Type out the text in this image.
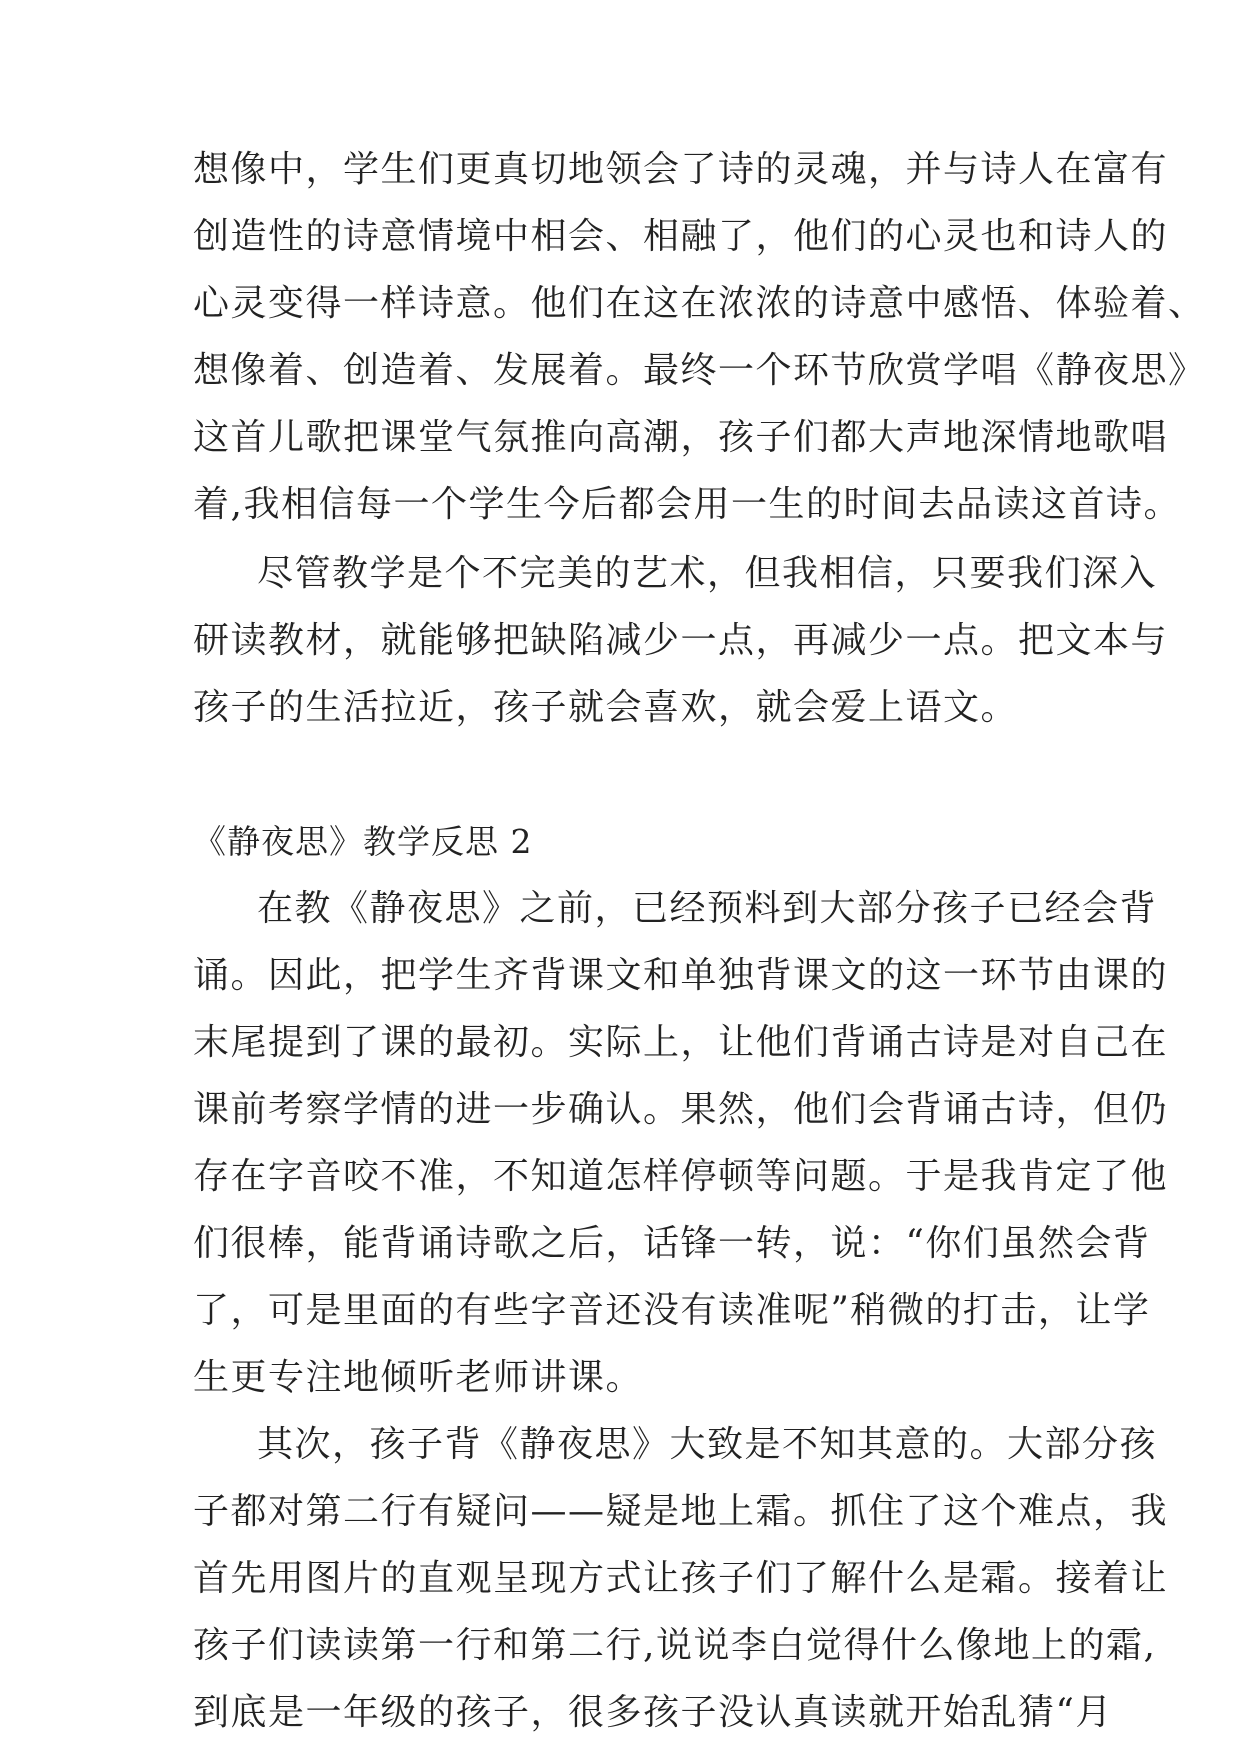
想像中，学生们更真切地领会了诗的灵魂，并与诗人在富有
创造性的诗意情境中相会、相融了，他们的心灵也和诗人的
心灵变得一样诗意。他们在这在浓浓的诗意中感悟、体验着、
想像着、创造着、发展着。最终一个环节欣赏学唱《静夜思》
这首儿歌把课堂气氛推向高潮，孩子们都大声地深情地歌唱
着,我相信每一个学生今后都会用一生的时间去品读这首诗。
尽管教学是个不完美的艺术，但我相信，只要我们深入
研读教材，就能够把缺陷减少一点，再减少一点。把文本与
孩子的生活拉近，孩子就会喜欢，就会爱上语文。
《静夜思》教学反思 2
在教《静夜思》之前，已经预料到大部分孩子已经会背
诵。因此，把学生齐背课文和单独背课文的这一环节由课的
末尾提到了课的最初。实际上，让他们背诵古诗是对自己在
课前考察学情的进一步确认。果然，他们会背诵古诗，但仍
存在字音咬不准，不知道怎样停顿等问题。于是我肯定了他
们很棒，能背诵诗歌之后，话锋一转，说：“你们虽然会背
了，可是里面的有些字音还没有读准呢”稍微的打击，让学
生更专注地倾听老师讲课。
其次，孩子背《静夜思》大致是不知其意的。大部分孩
子都对第二行有疑问——疑是地上霜。抓住了这个难点，我
首先用图片的直观呈现方式让孩子们了解什么是霜。接着让
孩子们读读第一行和第二行,说说李白觉得什么像地上的霜,
到底是一年级的孩子，很多孩子没认真读就开始乱猜“月
